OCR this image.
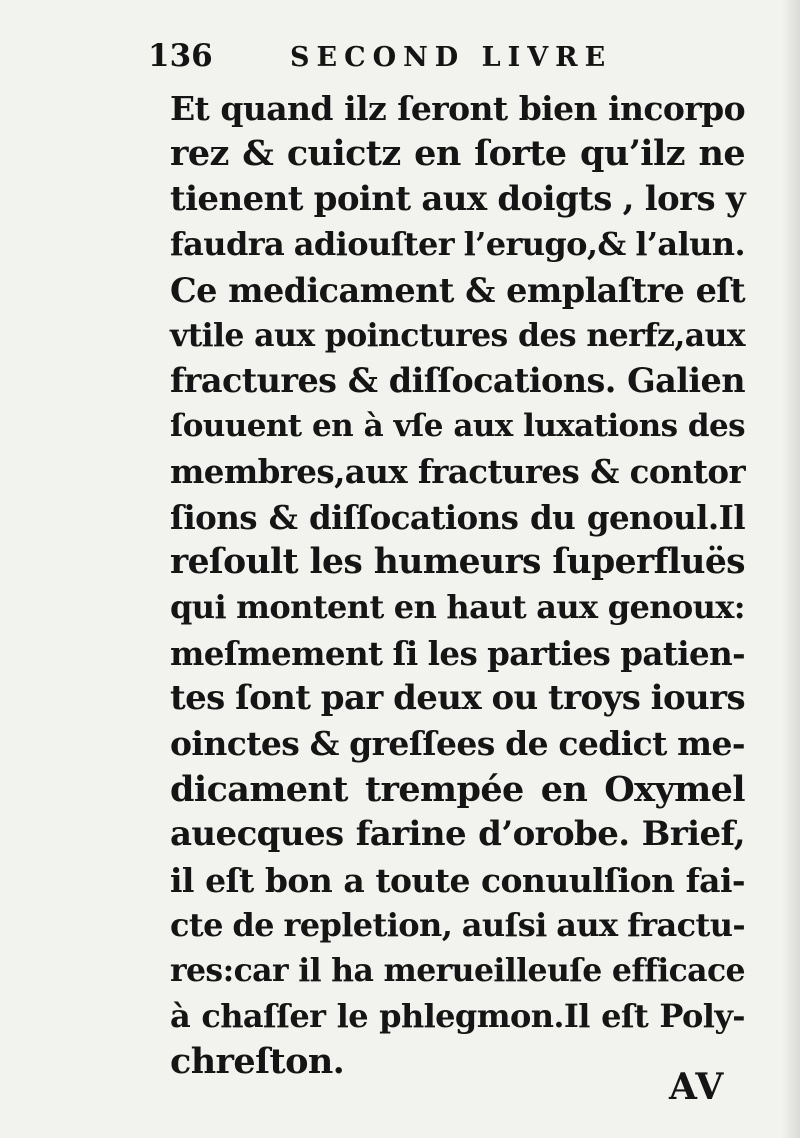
136	SECOND LIVRE
Et quand ilz ſeront bien incorpo
rez & cuictz en ſorte qu’ilz ne
tienent point aux doigts , lors y
faudra adiouſter l’erugo,& l’alun.
Ce medicament & emplaſtre eſt
vtile aux poinctures des nerfz,aux
fractures & diſſocations. Galien
ſouuent en à vſe aux luxations des
membres,aux fractures & contor
ſions & diſſocations du genoul.Il
reſoult les humeurs ſuperfluës
qui montent en haut aux genoux:
meſmement ſi les parties patien-
tes ſont par deux ou troys iours
oinctes & greſſees de cedict me-
dicament trempée en Oxymel
auecques farine d’orobe. Brief,
il eſt bon a toute conuulſion fai-
cte de repletion, auſsi aux fractu-
res:car il ha merueilleuſe efficace
à chaſſer le phlegmon.Il eſt Poly-
chreſton.
AV
